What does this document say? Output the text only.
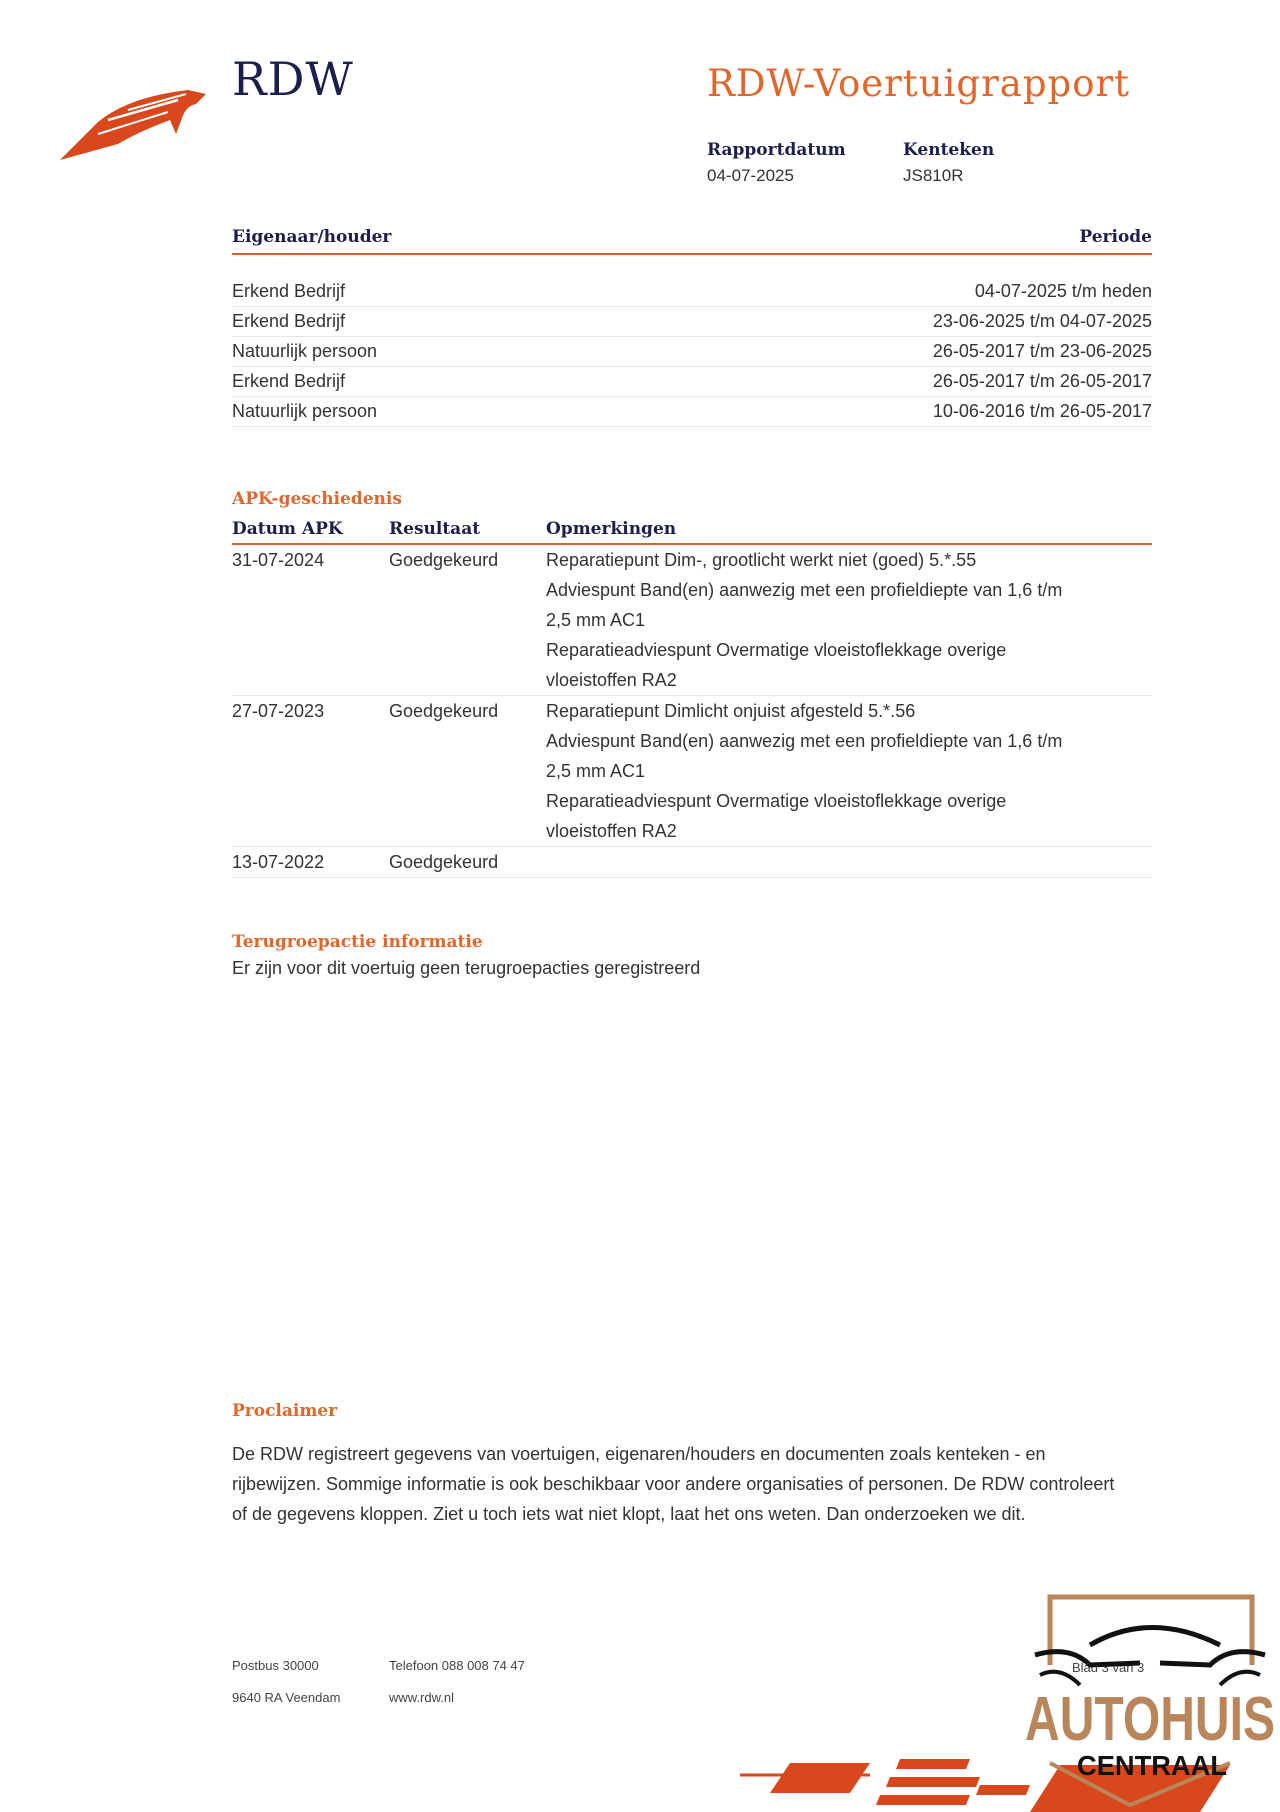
RDW	RDW-Voertuigrapport
Rapportdatum
04-07-2025
Kenteken
JS810R
Eigenaar/houder	Periode
Erkend Bedrijf	04-07-2025 t/m heden
Erkend Bedrijf	23-06-2025 t/m 04-07-2025
Natuurlijk persoon	26-05-2017 t/m 23-06-2025
Erkend Bedrijf	26-05-2017 t/m 26-05-2017
Natuurlijk persoon	10-06-2016 t/m 26-05-2017
APK-geschiedenis
Datum APK	Resultaat	Opmerkingen
31-07-2024	Goedgekeurd	Reparatiepunt Dim-, grootlicht werkt niet (goed) 5.*.55
Adviespunt Band(en) aanwezig met een profieldiepte van 1,6 t/m
2,5 mm AC1
Reparatieadviespunt Overmatige vloeistoflekkage overige
vloeistoffen RA2
27-07-2023	Goedgekeurd	Reparatiepunt Dimlicht onjuist afgesteld 5.*.56
Adviespunt Band(en) aanwezig met een profieldiepte van 1,6 t/m
2,5 mm AC1
Reparatieadviespunt Overmatige vloeistoflekkage overige
vloeistoffen RA2
13-07-2022	Goedgekeurd
Terugroepactie informatie
Er zijn voor dit voertuig geen terugroepacties geregistreerd
Proclaimer
De RDW registreert gegevens van voertuigen, eigenaren/houders en documenten zoals kenteken - en rijbewijzen. Sommige informatie is ook beschikbaar voor andere organisaties of personen. De RDW controleert of de gegevens kloppen. Ziet u toch iets wat niet klopt, laat het ons weten. Dan onderzoeken we dit.
Postbus 30000
9640 RA Veendam
Telefoon 088 008 74 47
www.rdw.nl
Blad 3 van 3
AUTOHUIS
CENTRAAL
